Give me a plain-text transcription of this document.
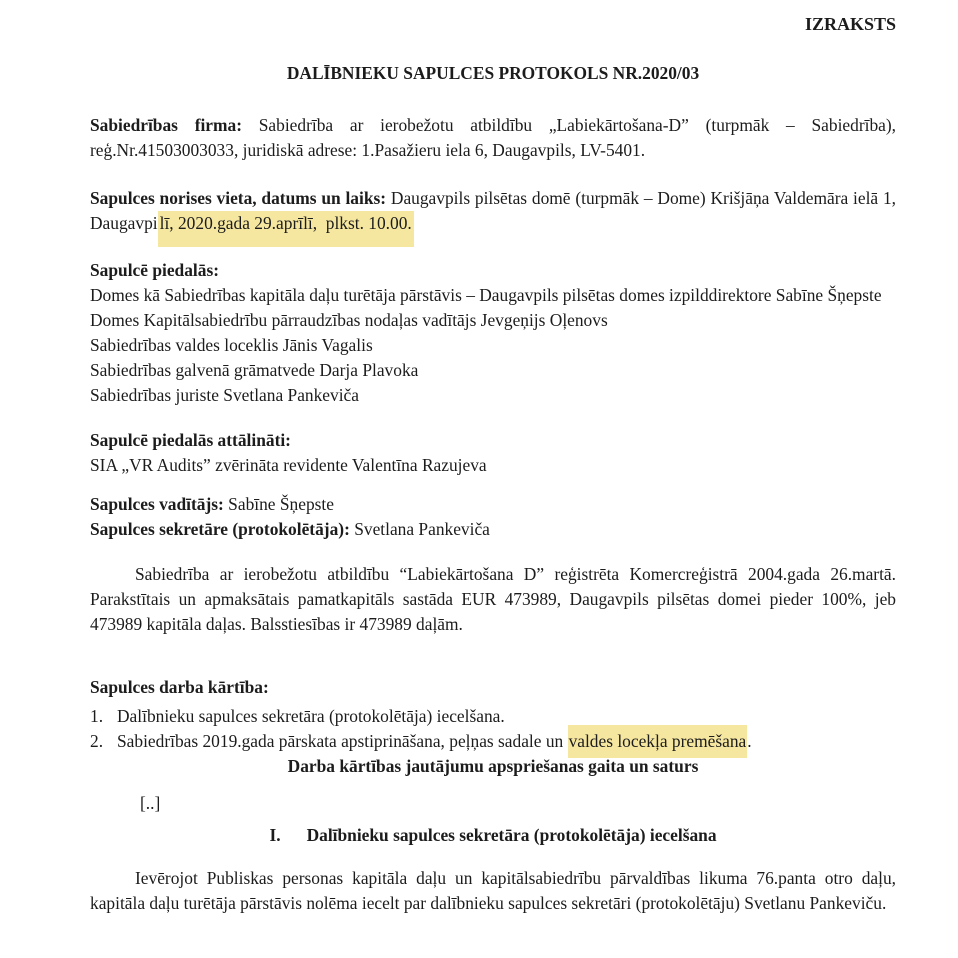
IZRAKSTS
DALĪBNIEKU SAPULCES PROTOKOLS NR.2020/03
Sabiedrības firma: Sabiedrība ar ierobežotu atbildību „Labiekārtošana-D” (turpmāk – Sabiedrība), reģ.Nr.41503003033, juridiskā adrese: 1.Pasažieru iela 6, Daugavpils, LV-5401.
Sapulces norises vieta, datums un laiks: Daugavpils pilsētas domē (turpmāk – Dome) Krišjāņa Valdemāra ielā 1, Daugavpi lī, 2020.gada 29.aprīlī,  plkst. 10.00.
Sapulcē piedalās:
Domes kā Sabiedrības kapitāla daļu turētāja pārstāvis – Daugavpils pilsētas domes izpilddirektore Sabīne Šņepste
Domes Kapitālsabiedrību pārraudzības nodaļas vadītājs Jevgeņijs Oļenovs
Sabiedrības valdes loceklis Jānis Vagalis
Sabiedrības galvenā grāmatvede Darja Plavoka
Sabiedrības juriste Svetlana Pankeviča
Sapulcē piedalās attālināti:
SIA „VR Audits” zvērināta revidente Valentīna Razujeva
Sapulces vadītājs: Sabīne Šņepste
Sapulces sekretāre (protokolētāja): Svetlana Pankeviča
Sabiedrība ar ierobežotu atbildību “Labiekārtošana D” reģistrēta Komercreģistrā 2004.gada 26.martā. Parakstītais un apmaksātais pamatkapitāls sastāda EUR 473989, Daugavpils pilsētas domei pieder 100%, jeb 473989 kapitāla daļas. Balsstiesības ir 473989 daļām.
Sapulces darba kārtība:
1. Dalībnieku sapulces sekretāra (protokolētāja) iecelšana.
2. Sabiedrības 2019.gada pārskata apstiprināšana, peļņas sadale un valdes locekļa premēšana.
Darba kārtības jautājumu apspriešanas gaita un saturs
[..]
I. Dalībnieku sapulces sekretāra (protokolētāja) iecelšana
Ievērojot Publiskas personas kapitāla daļu un kapitālsabiedrību pārvaldības likuma 76.panta otro daļu, kapitāla daļu turētāja pārstāvis nolēma iecelt par dalībnieku sapulces sekretāri (protokolētāju) Svetlanu Pankeviču.
